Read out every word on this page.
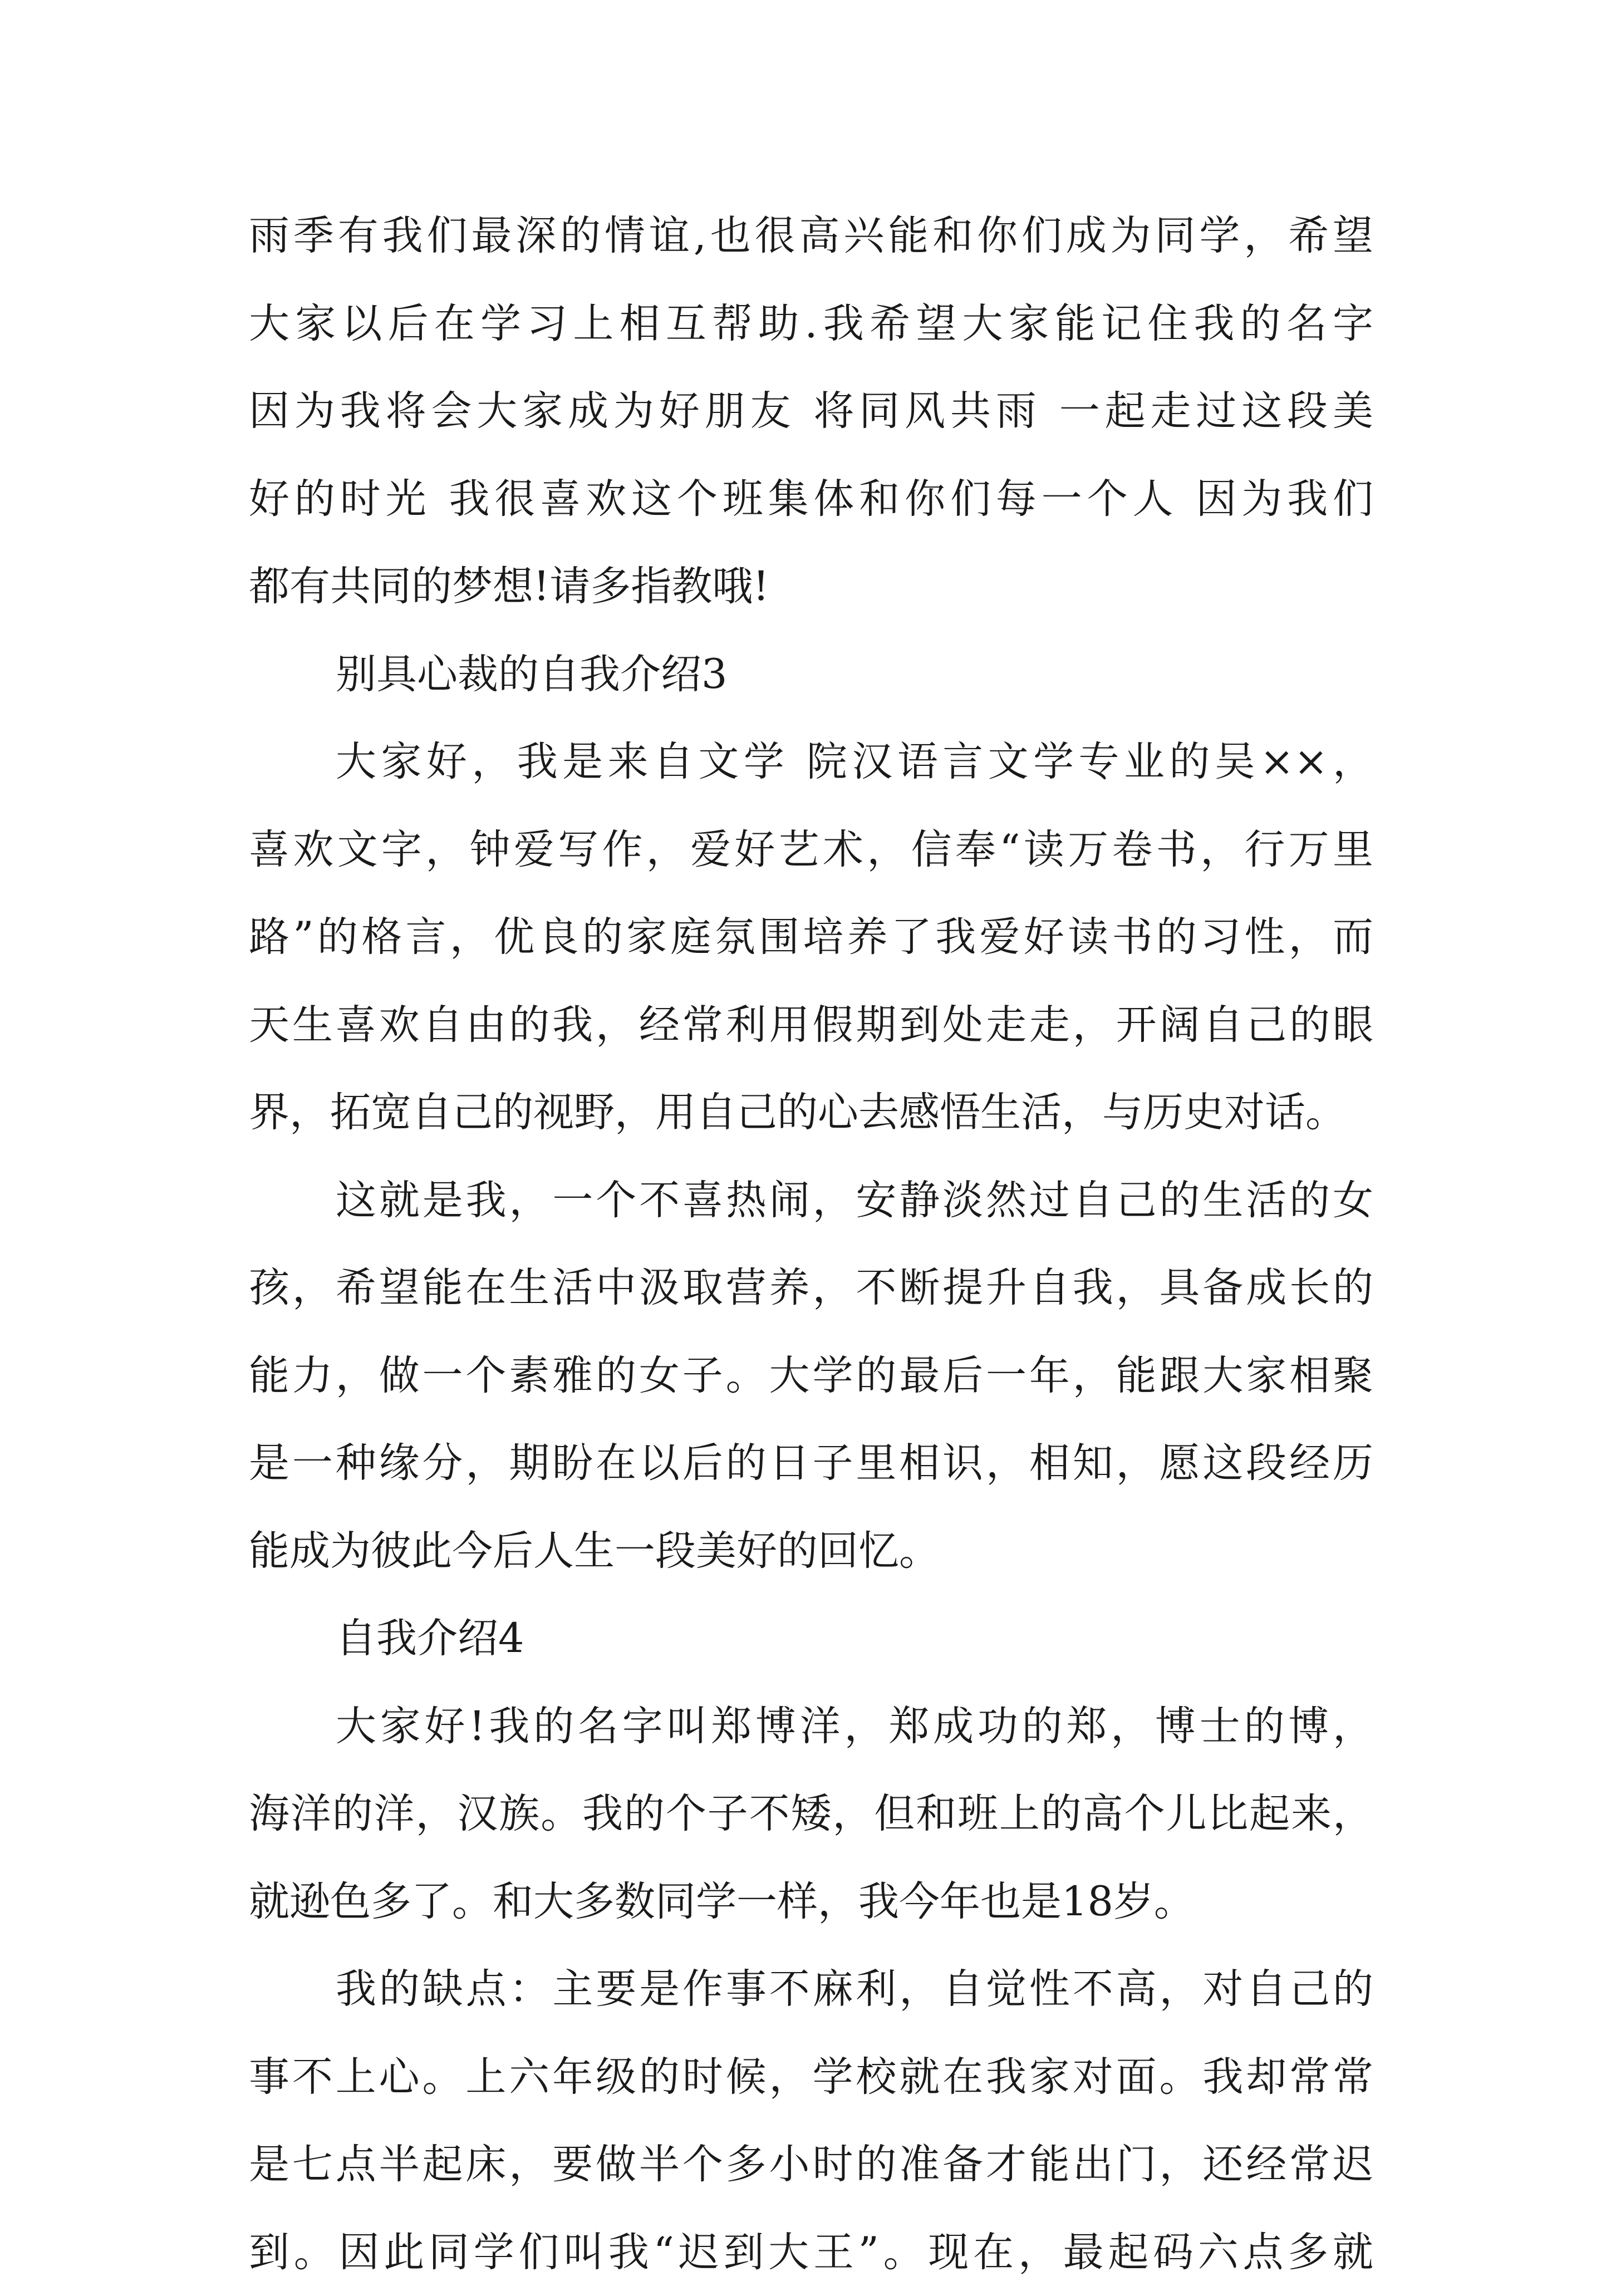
雨季有我们最深的情谊,也很高兴能和你们成为同学，希望
大家以后在学习上相互帮助.我希望大家能记住我的名字
因为我将会大家成为好朋友 将同风共雨 一起走过这段美
好的时光 我很喜欢这个班集体和你们每一个人 因为我们
都有共同的梦想!请多指教哦!
别具心裁的自我介绍3
大家好，我是来自文学 院汉语言文学专业的吴××，
喜欢文字，钟爱写作，爱好艺术，信奉“读万卷书，行万里
路”的格言，优良的家庭氛围培养了我爱好读书的习性，而
天生喜欢自由的我，经常利用假期到处走走，开阔自己的眼
界，拓宽自己的视野，用自己的心去感悟生活，与历史对话。
这就是我，一个不喜热闹，安静淡然过自己的生活的女
孩，希望能在生活中汲取营养，不断提升自我，具备成长的
能力，做一个素雅的女子。大学的最后一年，能跟大家相聚
是一种缘分，期盼在以后的日子里相识，相知，愿这段经历
能成为彼此今后人生一段美好的回忆。
自我介绍4
大家好!我的名字叫郑博洋，郑成功的郑，博士的博，
海洋的洋，汉族。我的个子不矮，但和班上的高个儿比起来，
就逊色多了。和大多数同学一样，我今年也是18岁。
我的缺点：主要是作事不麻利，自觉性不高，对自己的
事不上心。上六年级的时候，学校就在我家对面。我却常常
是七点半起床，要做半个多小时的准备才能出门，还经常迟
到。因此同学们叫我“迟到大王”。现在，最起码六点多就
